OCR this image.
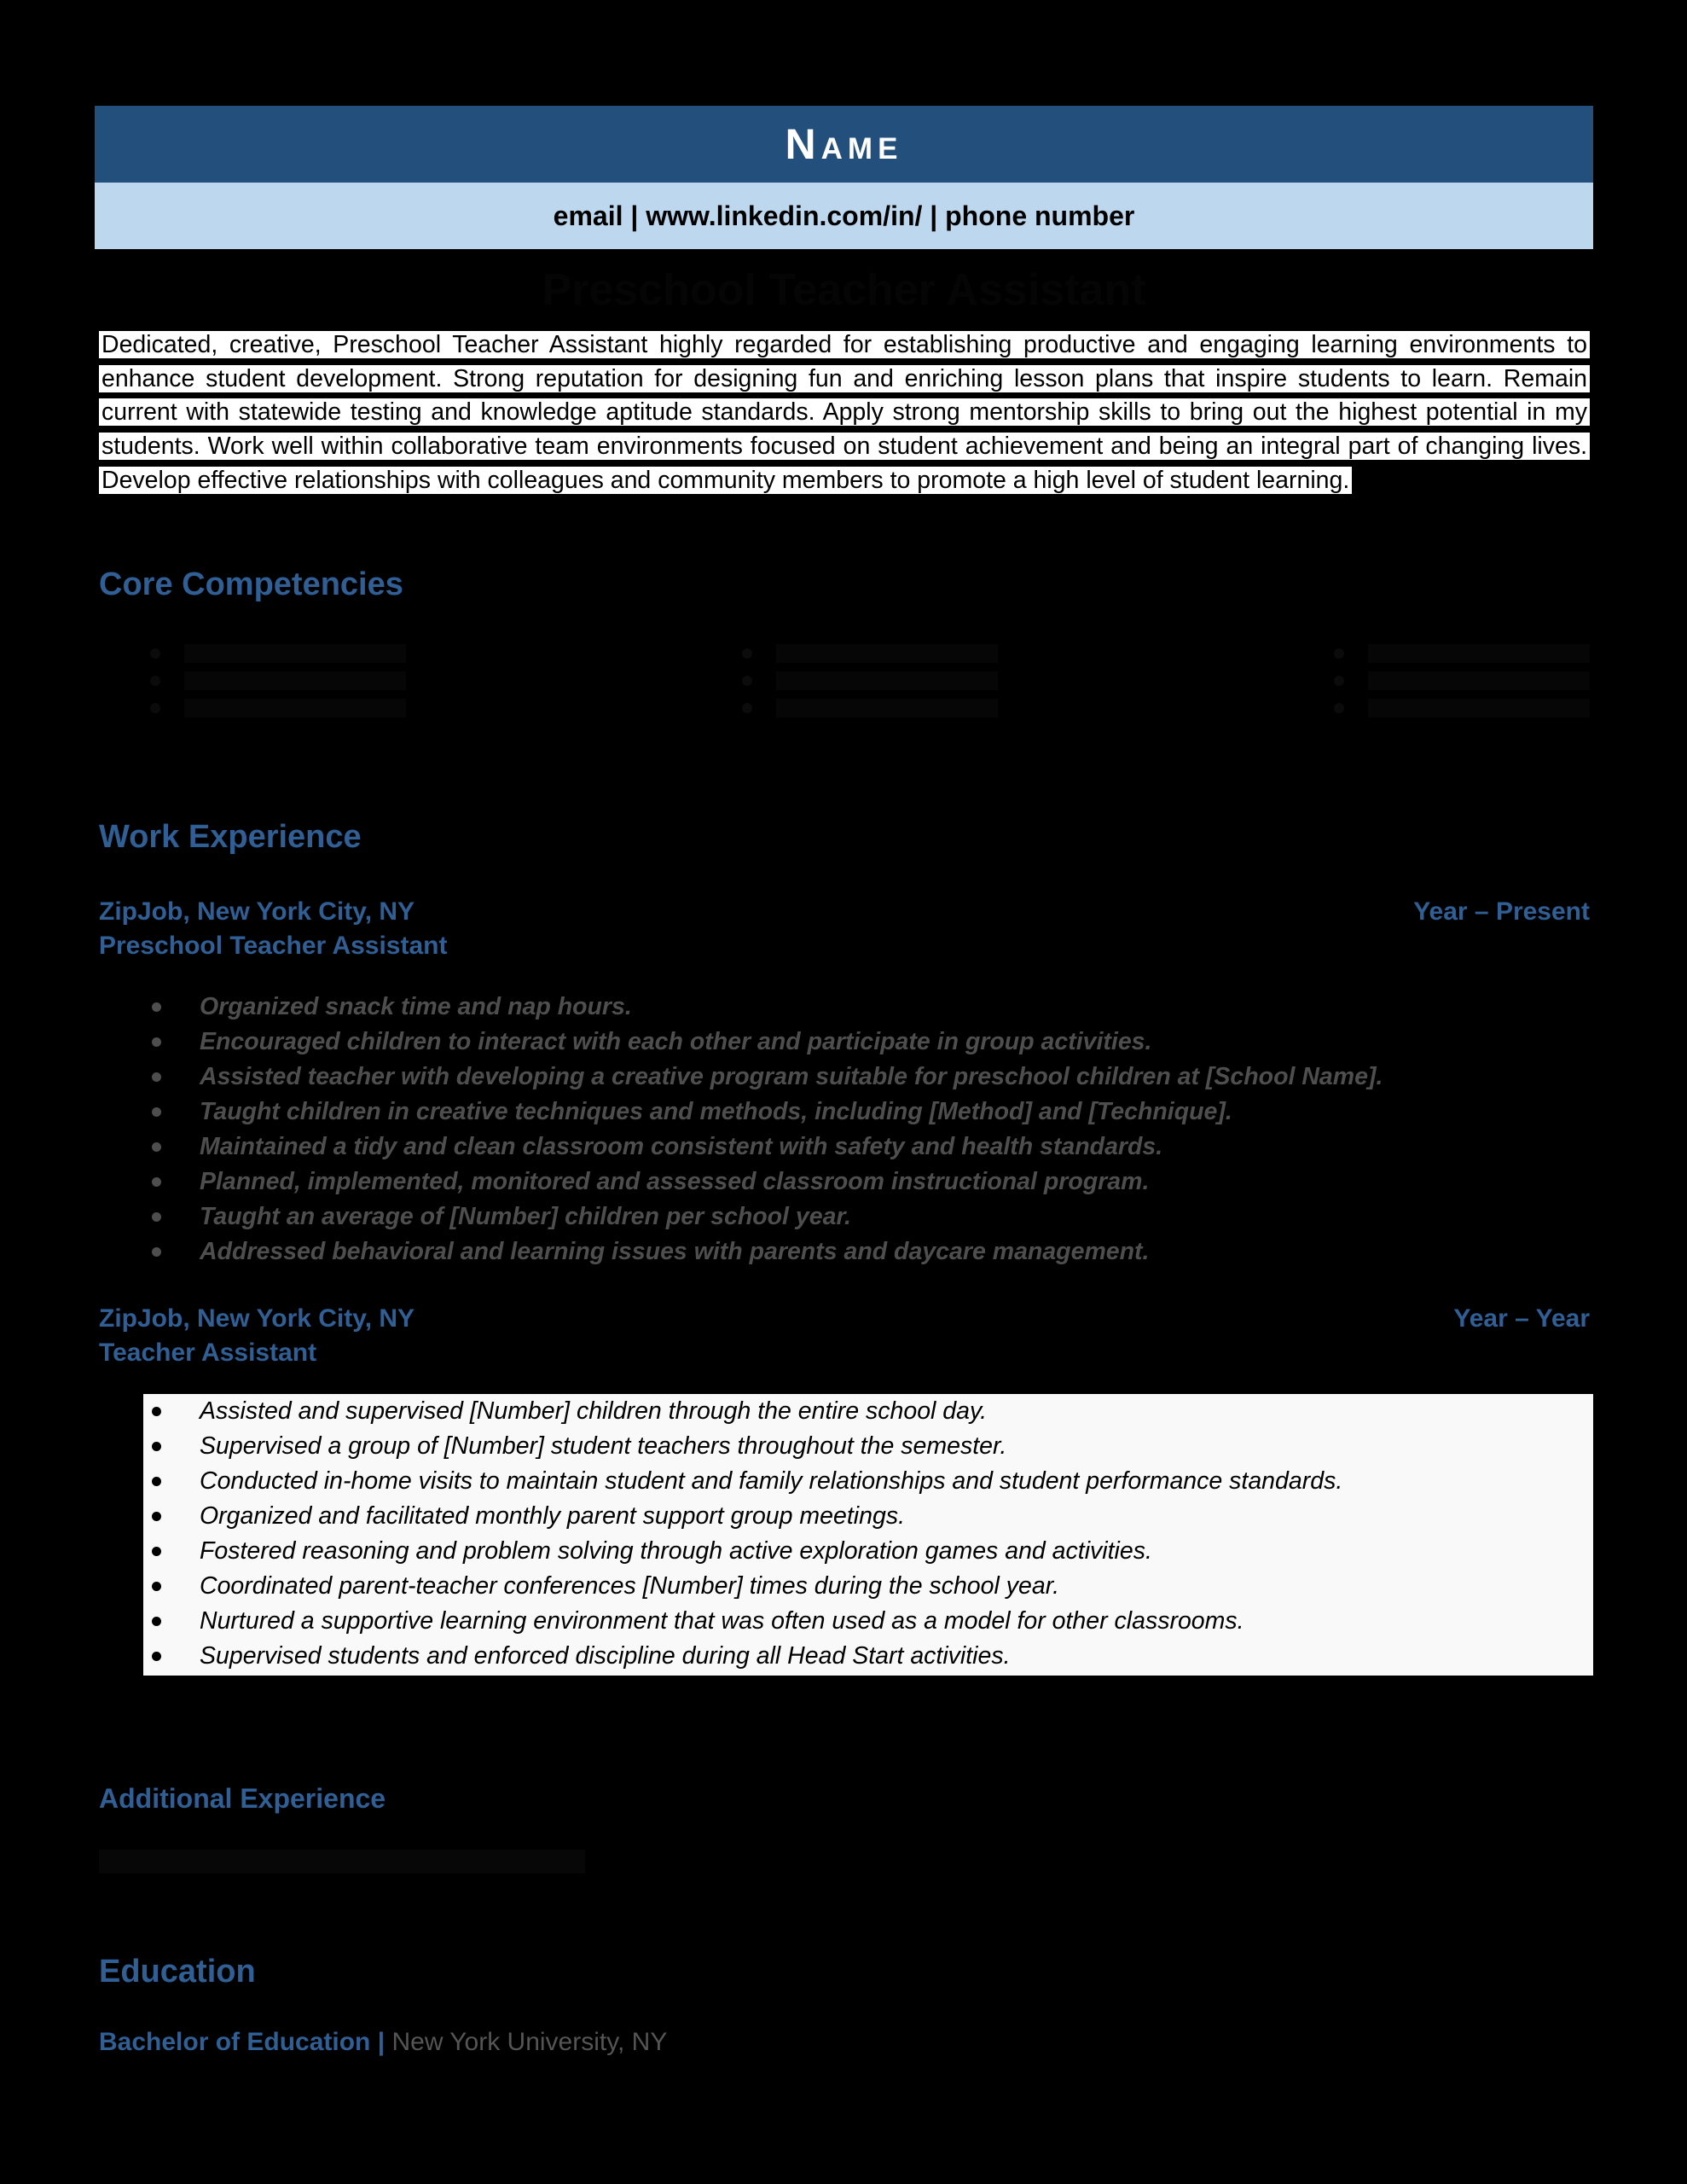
Name
email | www.linkedin.com/in/ | phone number
Preschool Teacher Assistant
Dedicated, creative, Preschool Teacher Assistant highly regarded for establishing productive and engaging learning environments to enhance student development. Strong reputation for designing fun and enriching lesson plans that inspire students to learn. Remain current with statewide testing and knowledge aptitude standards. Apply strong mentorship skills to bring out the highest potential in my students. Work well within collaborative team environments focused on student achievement and being an integral part of changing lives. Develop effective relationships with colleagues and community members to promote a high level of student learning.
Core Competencies
Work Experience
ZipJob, New York City, NY	Year – Present
Preschool Teacher Assistant
Organized snack time and nap hours.
Encouraged children to interact with each other and participate in group activities.
Assisted teacher with developing a creative program suitable for preschool children at [School Name].
Taught children in creative techniques and methods, including [Method] and [Technique].
Maintained a tidy and clean classroom consistent with safety and health standards.
Planned, implemented, monitored and assessed classroom instructional program.
Taught an average of [Number] children per school year.
Addressed behavioral and learning issues with parents and daycare management.
ZipJob, New York City, NY	Year – Year
Teacher Assistant
Assisted and supervised [Number] children through the entire school day.
Supervised a group of [Number] student teachers throughout the semester.
Conducted in-home visits to maintain student and family relationships and student performance standards.
Organized and facilitated monthly parent support group meetings.
Fostered reasoning and problem solving through active exploration games and activities.
Coordinated parent-teacher conferences [Number] times during the school year.
Nurtured a supportive learning environment that was often used as a model for other classrooms.
Supervised students and enforced discipline during all Head Start activities.
Additional Experience
Education
Bachelor of Education | New York University, NY
